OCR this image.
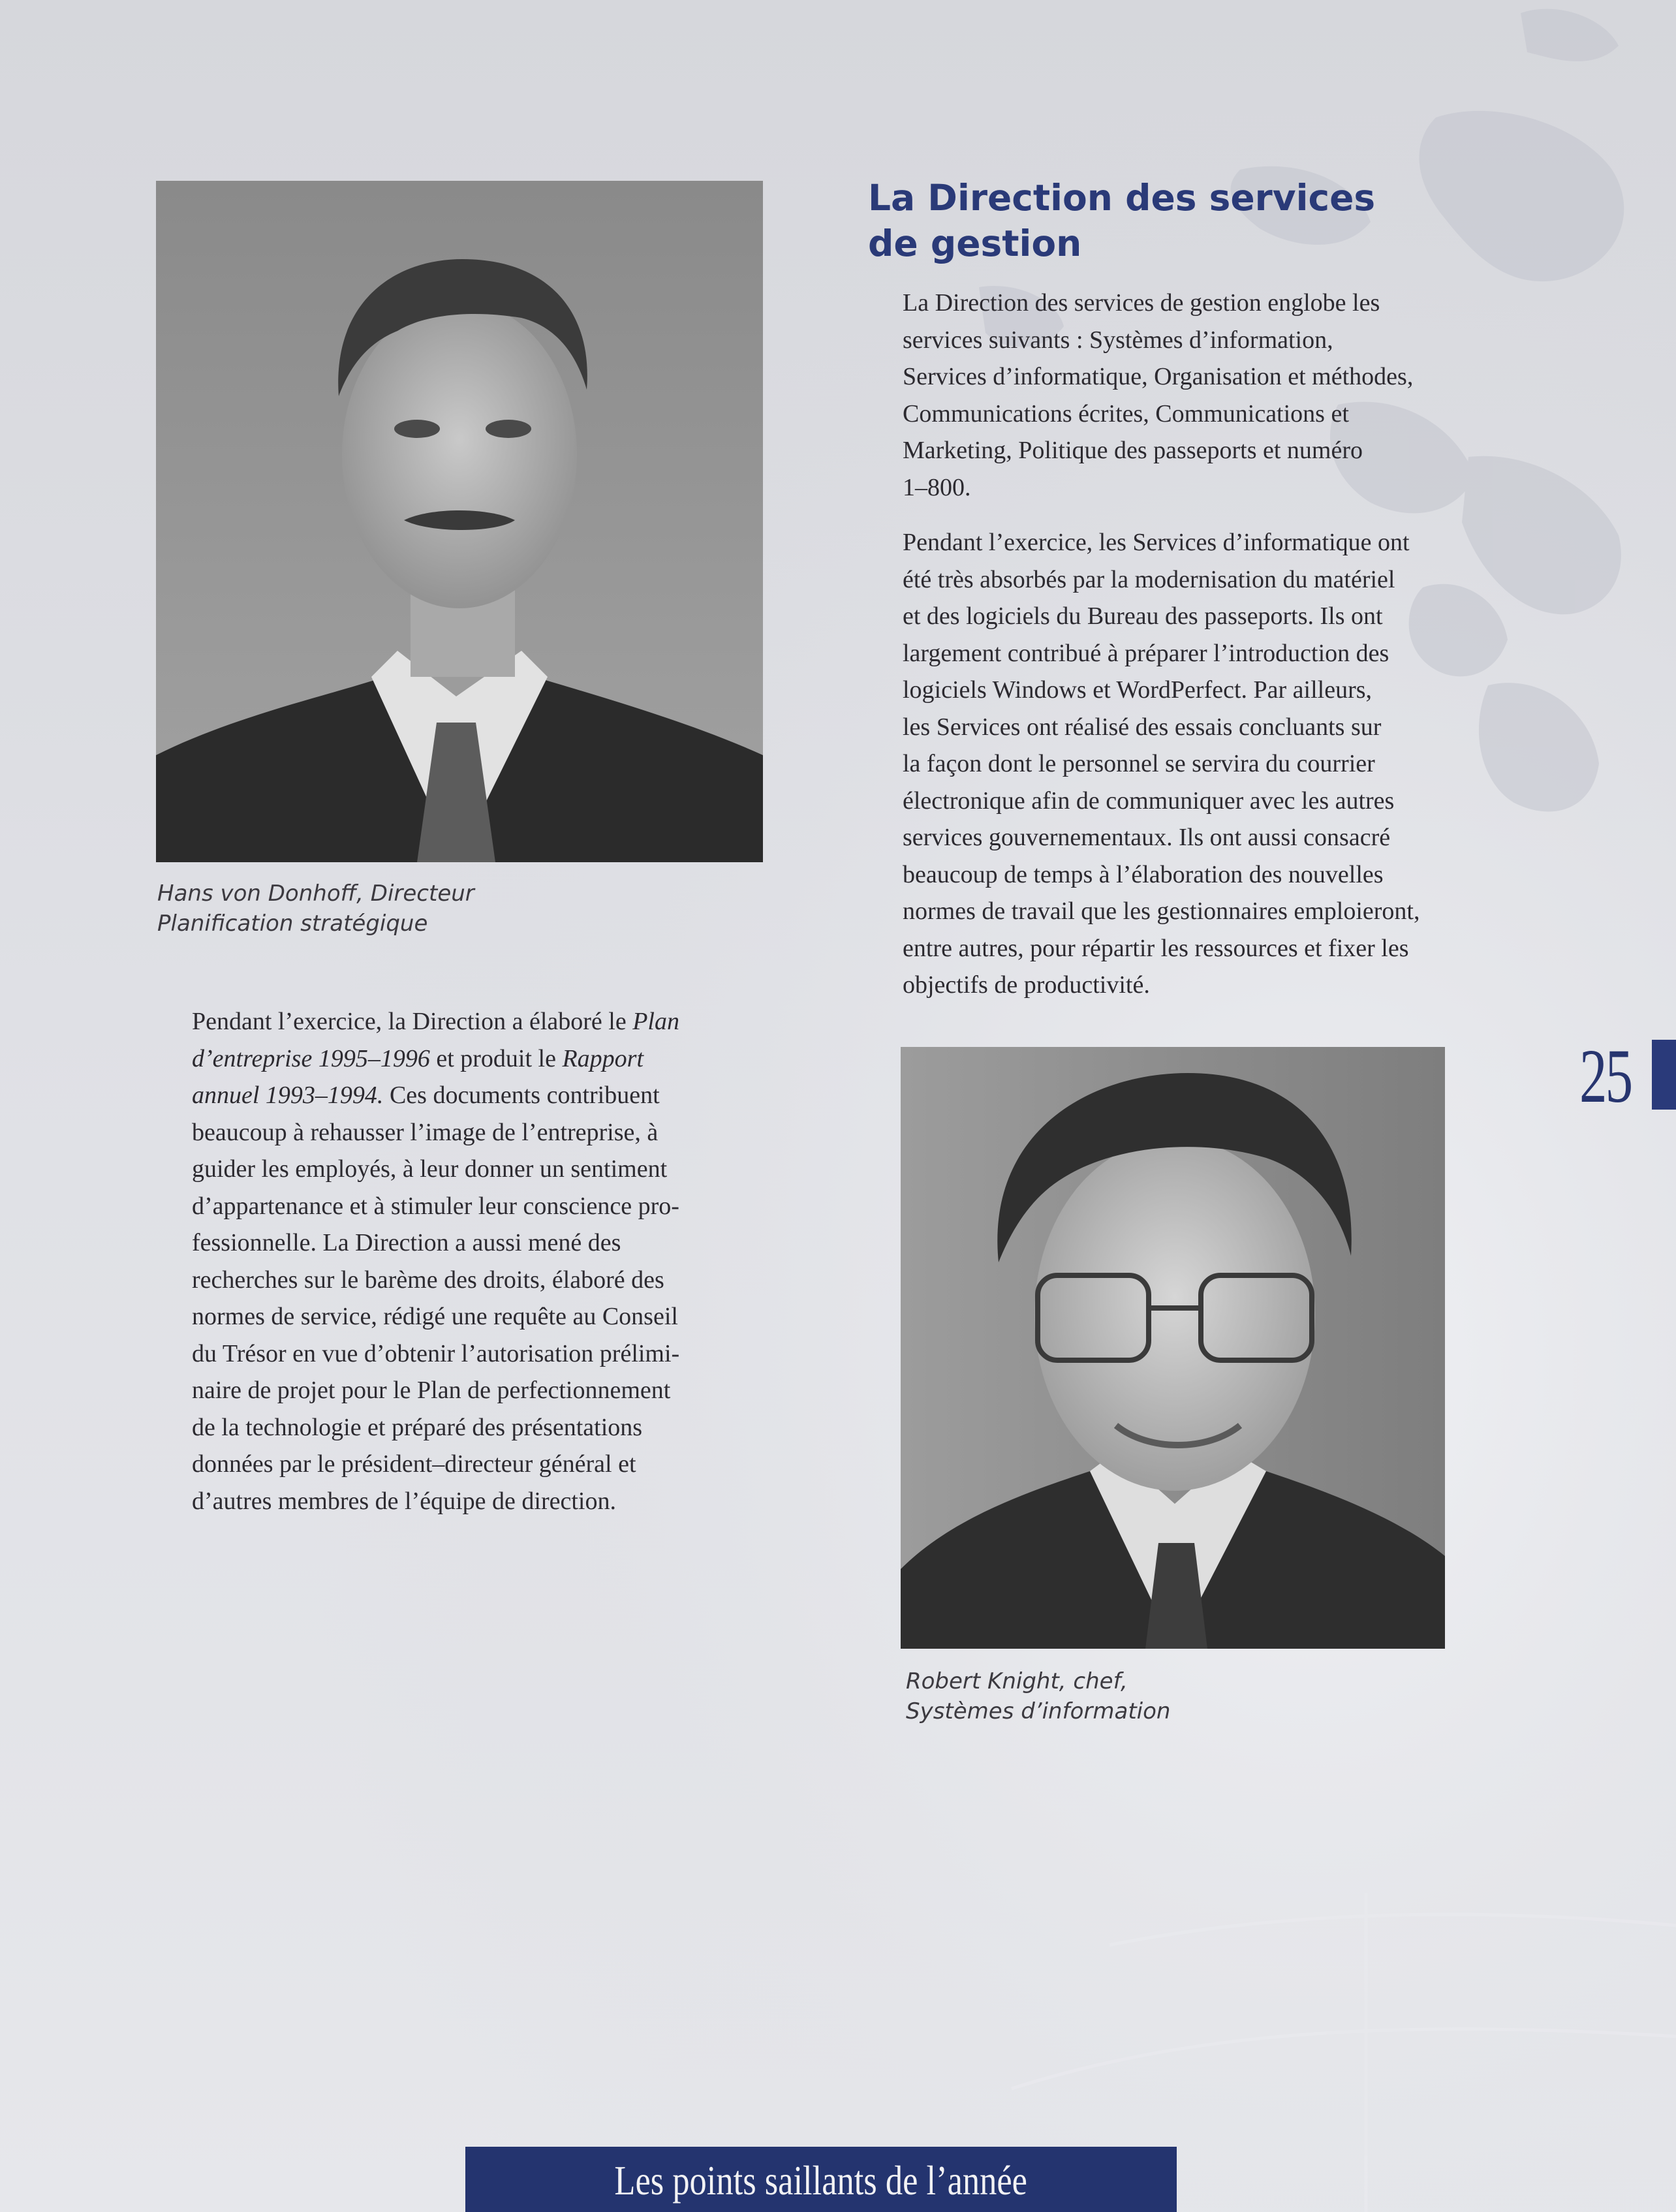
Hans von Donhoff, Directeur
Planification stratégique
La Direction des services
de gestion
La Direction des services de gestion englobe les
services suivants : Systèmes d’information,
Services d’informatique, Organisation et méthodes,
Communications écrites, Communications et
Marketing, Politique des passeports et numéro
1–800.
Pendant l’exercice, les Services d’informatique ont
été très absorbés par la modernisation du matériel
et des logiciels du Bureau des passeports. Ils ont
largement contribué à préparer l’introduction des
logiciels Windows et WordPerfect. Par ailleurs,
les Services ont réalisé des essais concluants sur
la façon dont le personnel se servira du courrier
électronique afin de communiquer avec les autres
services gouvernementaux. Ils ont aussi consacré
beaucoup de temps à l’élaboration des nouvelles
normes de travail que les gestionnaires emploieront,
entre autres, pour répartir les ressources et fixer les
objectifs de productivité.
Pendant l’exercice, la Direction a élaboré le Plan
d’entreprise 1995–1996 et produit le Rapport
annuel 1993–1994. Ces documents contribuent
beaucoup à rehausser l’image de l’entreprise, à
guider les employés, à leur donner un sentiment
d’appartenance et à stimuler leur conscience pro-
fessionnelle. La Direction a aussi mené des
recherches sur le barème des droits, élaboré des
normes de service, rédigé une requête au Conseil
du Trésor en vue d’obtenir l’autorisation prélimi-
naire de projet pour le Plan de perfectionnement
de la technologie et préparé des présentations
données par le président–directeur général et
d’autres membres de l’équipe de direction.
Robert Knight, chef,
Systèmes d’information
25
Les points saillants de l’année
